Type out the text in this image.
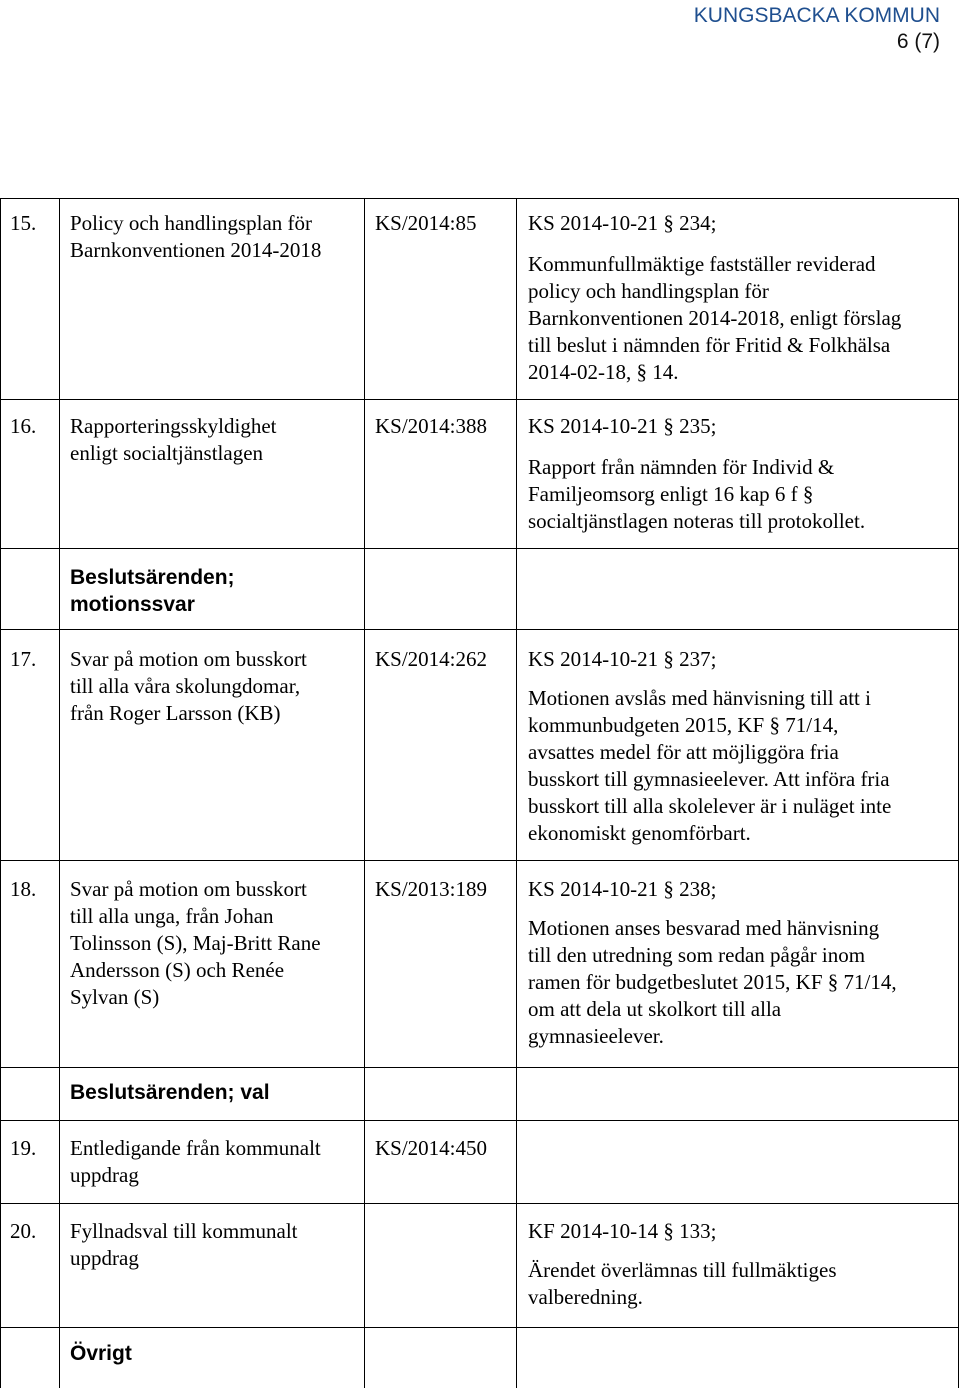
KUNGSBACKA KOMMUN
6 (7)
15. Policy och handlingsplan för
Barnkonventionen 2014-2018
KS/2014:85 KS 2014-10-21 § 234;
Kommunfullmäktige fastställer reviderad
policy och handlingsplan för
Barnkonventionen 2014-2018, enligt förslag
till beslut i nämnden för Fritid & Folkhälsa
2014-02-18, § 14.
16. Rapporteringsskyldighet
enligt socialtjänstlagen
KS/2014:388 KS 2014-10-21 § 235;
Rapport från nämnden för Individ &
Familjeomsorg enligt 16 kap 6 f §
socialtjänstlagen noteras till protokollet.
Beslutsärenden;
motionssvar
17. Svar på motion om busskort
till alla våra skolungdomar,
från Roger Larsson (KB)
KS/2014:262 KS 2014-10-21 § 237;
Motionen avslås med hänvisning till att i
kommunbudgeten 2015, KF § 71/14,
avsattes medel för att möjliggöra fria
busskort till gymnasieelever. Att införa fria
busskort till alla skolelever är i nuläget inte
ekonomiskt genomförbart.
18. Svar på motion om busskort
till alla unga, från Johan
Tolinsson (S), Maj-Britt Rane
Andersson (S) och Renée
Sylvan (S)
KS/2013:189 KS 2014-10-21 § 238;
Motionen anses besvarad med hänvisning
till den utredning som redan pågår inom
ramen för budgetbeslutet 2015, KF § 71/14,
om att dela ut skolkort till alla
gymnasieelever.
Beslutsärenden; val
19. Entledigande från kommunalt
uppdrag
KS/2014:450
20. Fyllnadsval till kommunalt
uppdrag
KF 2014-10-14 § 133;
Ärendet överlämnas till fullmäktiges
valberedning.
Övrigt
